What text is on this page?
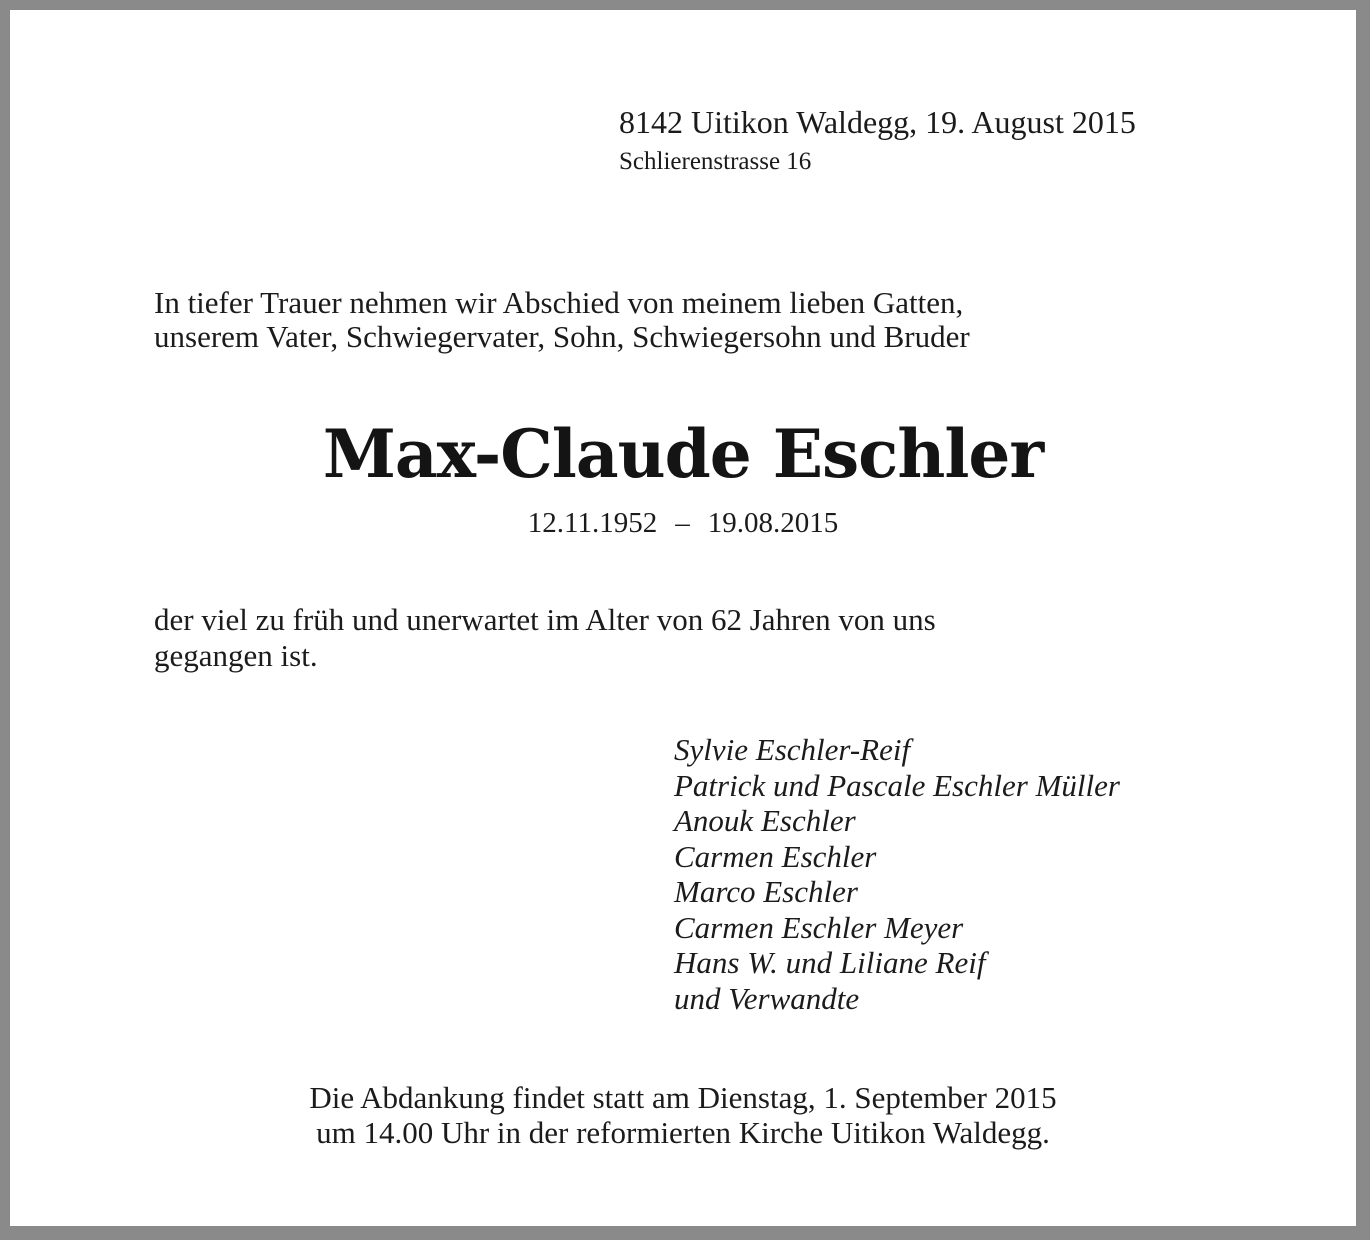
8142 Uitikon Waldegg, 19. August 2015

Schlierenstrasse 16

In tiefer Trauer nehmen wir Abschied von meinem lieben Gatten,
unserem Vater, Schwiegervater, Sohn, Schwiegersohn und Bruder
Max-Claude Eschler
12.11.1952 – 19.08.2015
der viel zu früh und unerwartet im Alter von 62 Jahren von uns
gegangen ist.
Sylvie Eschler-Reif
Patrick und Pascale Eschler Müller
Anouk Eschler
Carmen Eschler
Marco Eschler
Carmen Eschler Meyer
Hans W. und Liliane Reif
und Verwandte
Die Abdankung findet statt am Dienstag, 1. September 2015
um 14.00 Uhr in der reformierten Kirche Uitikon Waldegg.
